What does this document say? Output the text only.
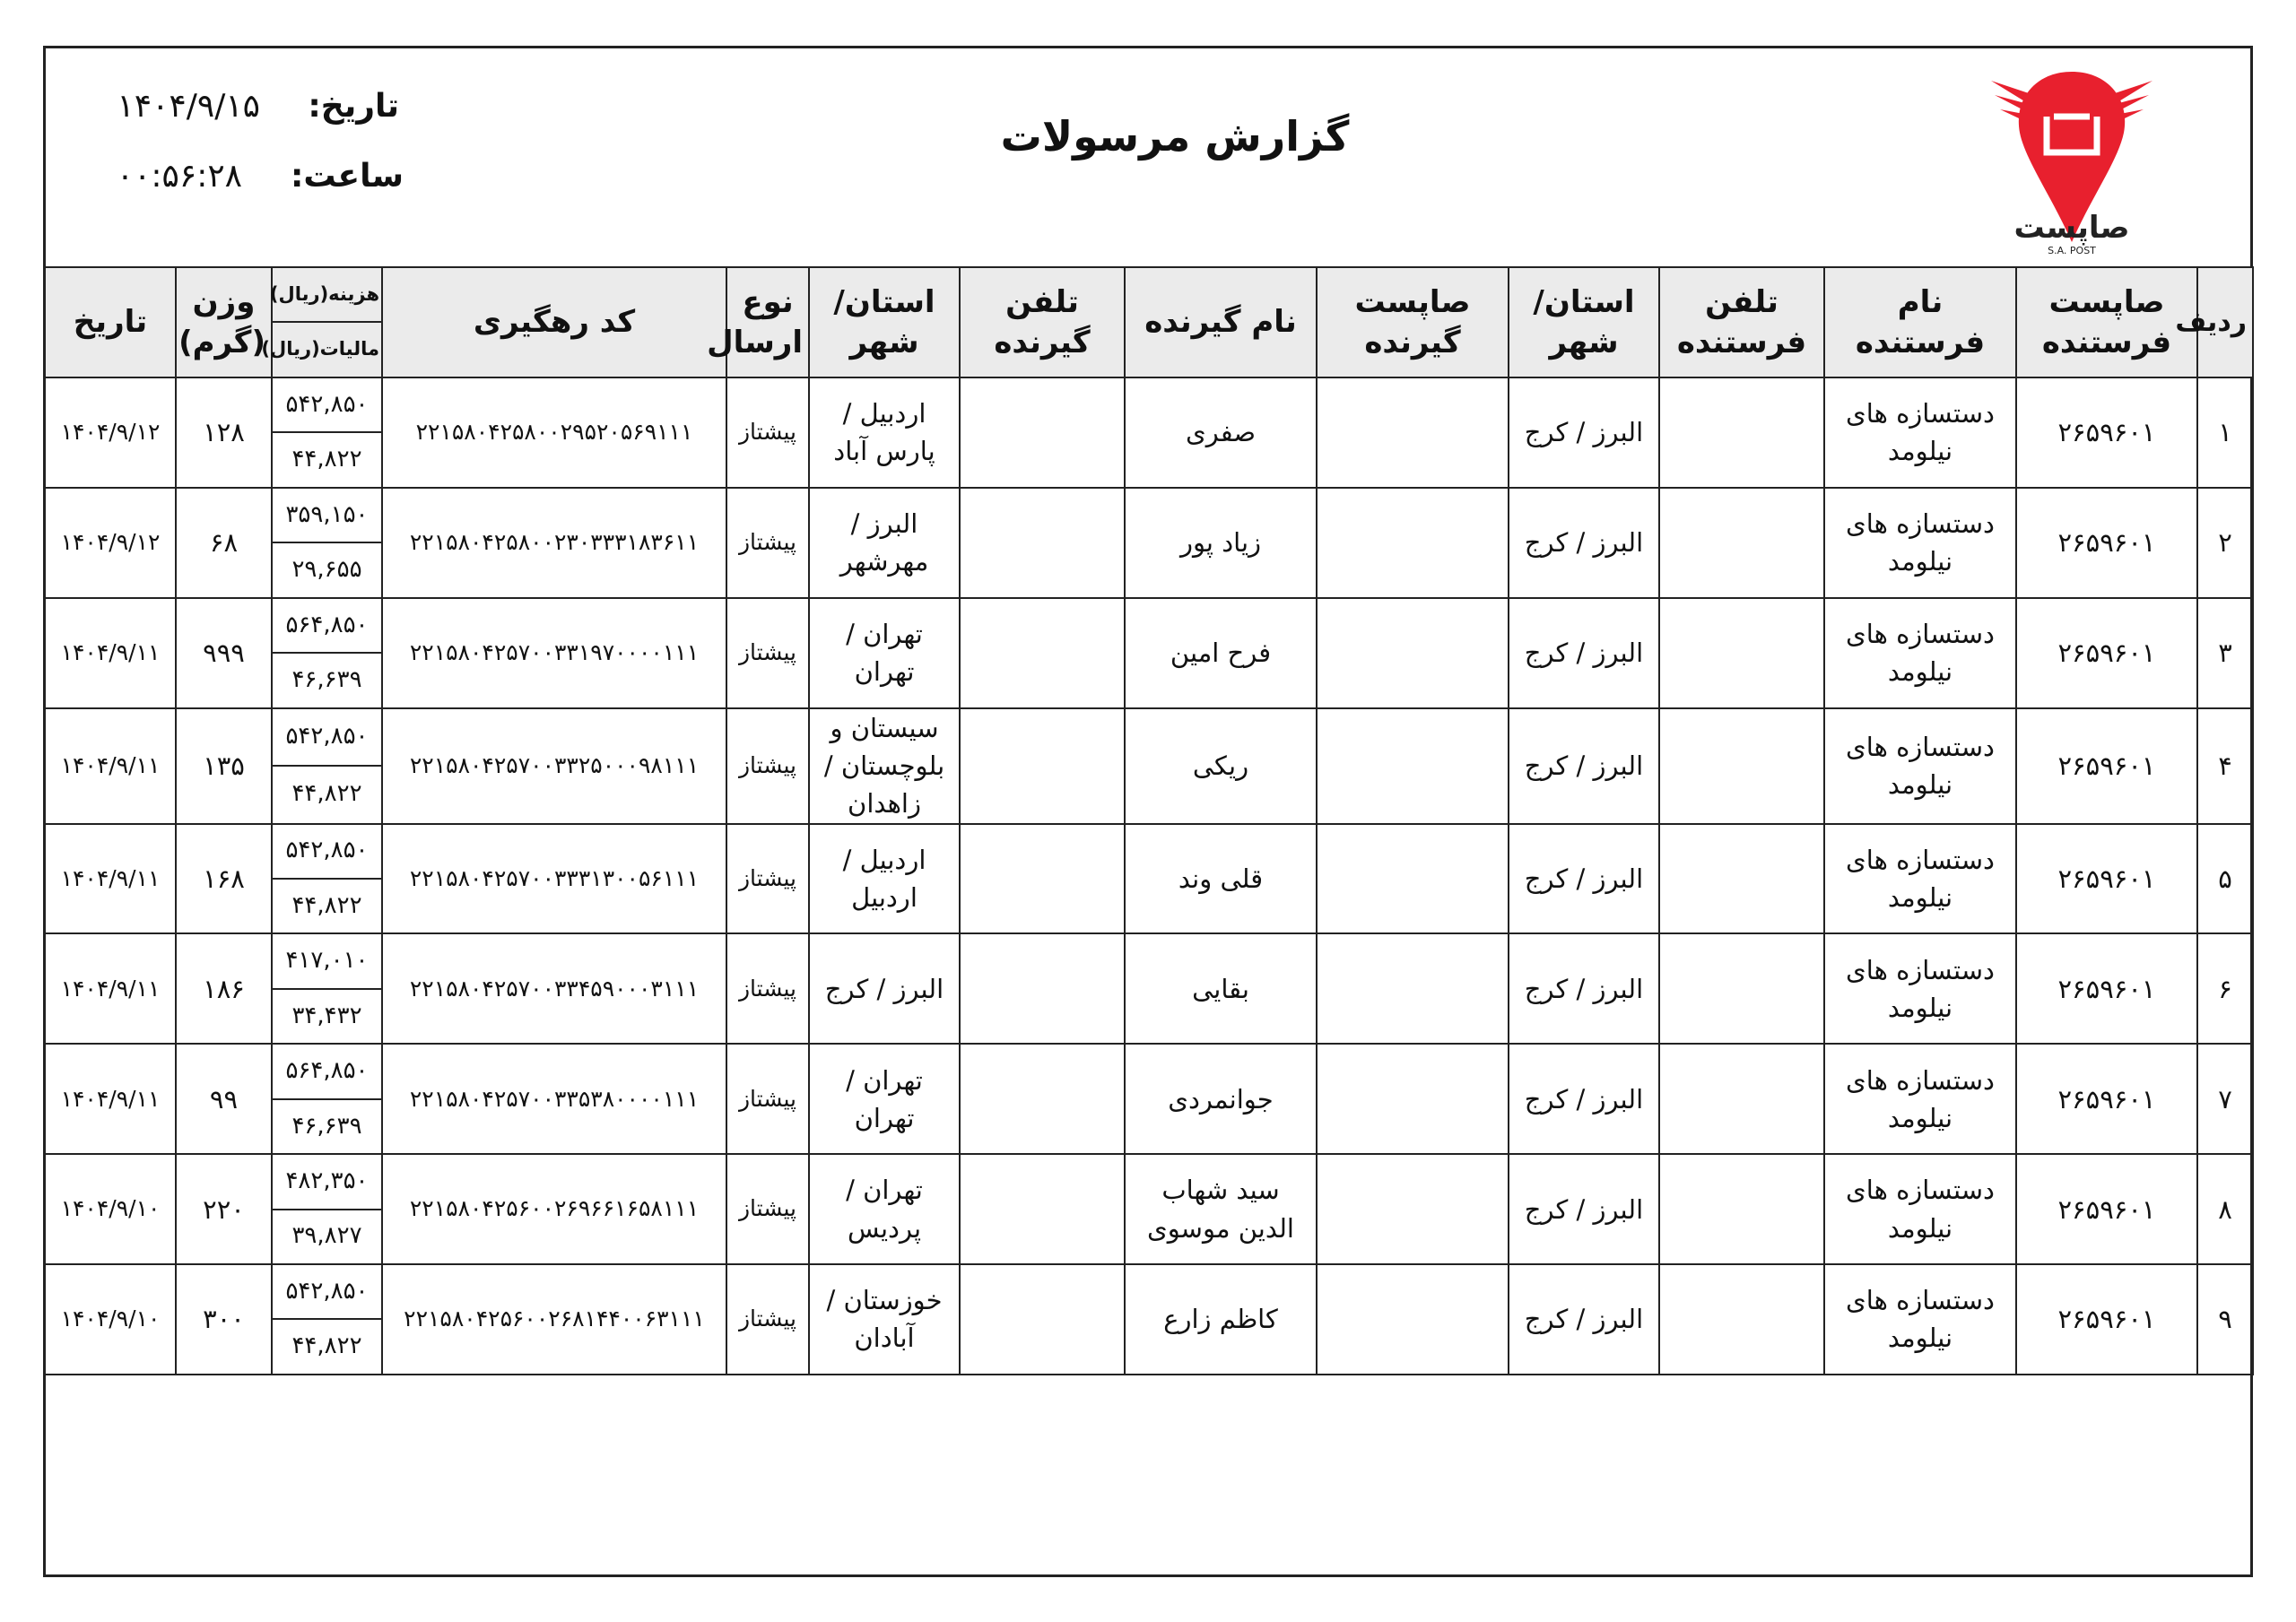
صاپست
S.A. POST
گزارش مرسولات
تاریخ:
۱۴۰۴/۹/۱۵
ساعت:
۰۰:۵۶:۲۸
ردیف	صاپست فرستنده	نام فرستنده	تلفن فرستنده	استان/ شهر	صاپست گیرنده	نام گیرنده	تلفن گیرنده	استان/ شهر	نوع ارسال	کد رهگیری	هزینه(ریال)	وزن (گرم)	تاریخ
											مالیات(ریال)		
۱	۲۶۵۹۶۰۱	دستسازه های نیلومد		البرز / کرج		صفری		اردبیل / پارس آباد	پیشتاز	۲۲۱۵۸۰۴۲۵۸۰۰۲۹۵۲۰۵۶۹۱۱۱	۵۴۲,۸۵۰	۱۲۸	۱۴۰۴/۹/۱۲
											۴۴,۸۲۲		
۲	۲۶۵۹۶۰۱	دستسازه های نیلومد		البرز / کرج		زیاد پور		البرز / مهرشهر	پیشتاز	۲۲۱۵۸۰۴۲۵۸۰۰۲۳۰۳۳۳۱۸۳۶۱۱	۳۵۹,۱۵۰	۶۸	۱۴۰۴/۹/۱۲
											۲۹,۶۵۵		
۳	۲۶۵۹۶۰۱	دستسازه های نیلومد		البرز / کرج		فرح امین		تهران / تهران	پیشتاز	۲۲۱۵۸۰۴۲۵۷۰۰۳۳۱۹۷۰۰۰۰۱۱۱	۵۶۴,۸۵۰	۹۹۹	۱۴۰۴/۹/۱۱
											۴۶,۶۳۹		
۴	۲۶۵۹۶۰۱	دستسازه های نیلومد		البرز / کرج		ریکی		سیستان و بلوچستان / زاهدان	پیشتاز	۲۲۱۵۸۰۴۲۵۷۰۰۳۳۲۵۰۰۰۹۸۱۱۱	۵۴۲,۸۵۰	۱۳۵	۱۴۰۴/۹/۱۱
											۴۴,۸۲۲		
۵	۲۶۵۹۶۰۱	دستسازه های نیلومد		البرز / کرج		قلی وند		اردبیل / اردبیل	پیشتاز	۲۲۱۵۸۰۴۲۵۷۰۰۳۳۳۱۳۰۰۵۶۱۱۱	۵۴۲,۸۵۰	۱۶۸	۱۴۰۴/۹/۱۱
											۴۴,۸۲۲		
۶	۲۶۵۹۶۰۱	دستسازه های نیلومد		البرز / کرج		بقایی		البرز / کرج	پیشتاز	۲۲۱۵۸۰۴۲۵۷۰۰۳۳۴۵۹۰۰۰۳۱۱۱	۴۱۷,۰۱۰	۱۸۶	۱۴۰۴/۹/۱۱
											۳۴,۴۳۲		
۷	۲۶۵۹۶۰۱	دستسازه های نیلومد		البرز / کرج		جوانمردی		تهران / تهران	پیشتاز	۲۲۱۵۸۰۴۲۵۷۰۰۳۳۵۳۸۰۰۰۰۱۱۱	۵۶۴,۸۵۰	۹۹	۱۴۰۴/۹/۱۱
											۴۶,۶۳۹		
۸	۲۶۵۹۶۰۱	دستسازه های نیلومد		البرز / کرج		سید شهاب الدین موسوی		تهران / پردیس	پیشتاز	۲۲۱۵۸۰۴۲۵۶۰۰۲۶۹۶۶۱۶۵۸۱۱۱	۴۸۲,۳۵۰	۲۲۰	۱۴۰۴/۹/۱۰
											۳۹,۸۲۷		
۹	۲۶۵۹۶۰۱	دستسازه های نیلومد		البرز / کرج		کاظم زارع		خوزستان / آبادان	پیشتاز	۲۲۱۵۸۰۴۲۵۶۰۰۲۶۸۱۴۴۰۰۶۳۱۱۱	۵۴۲,۸۵۰	۳۰۰	۱۴۰۴/۹/۱۰
											۴۴,۸۲۲		
